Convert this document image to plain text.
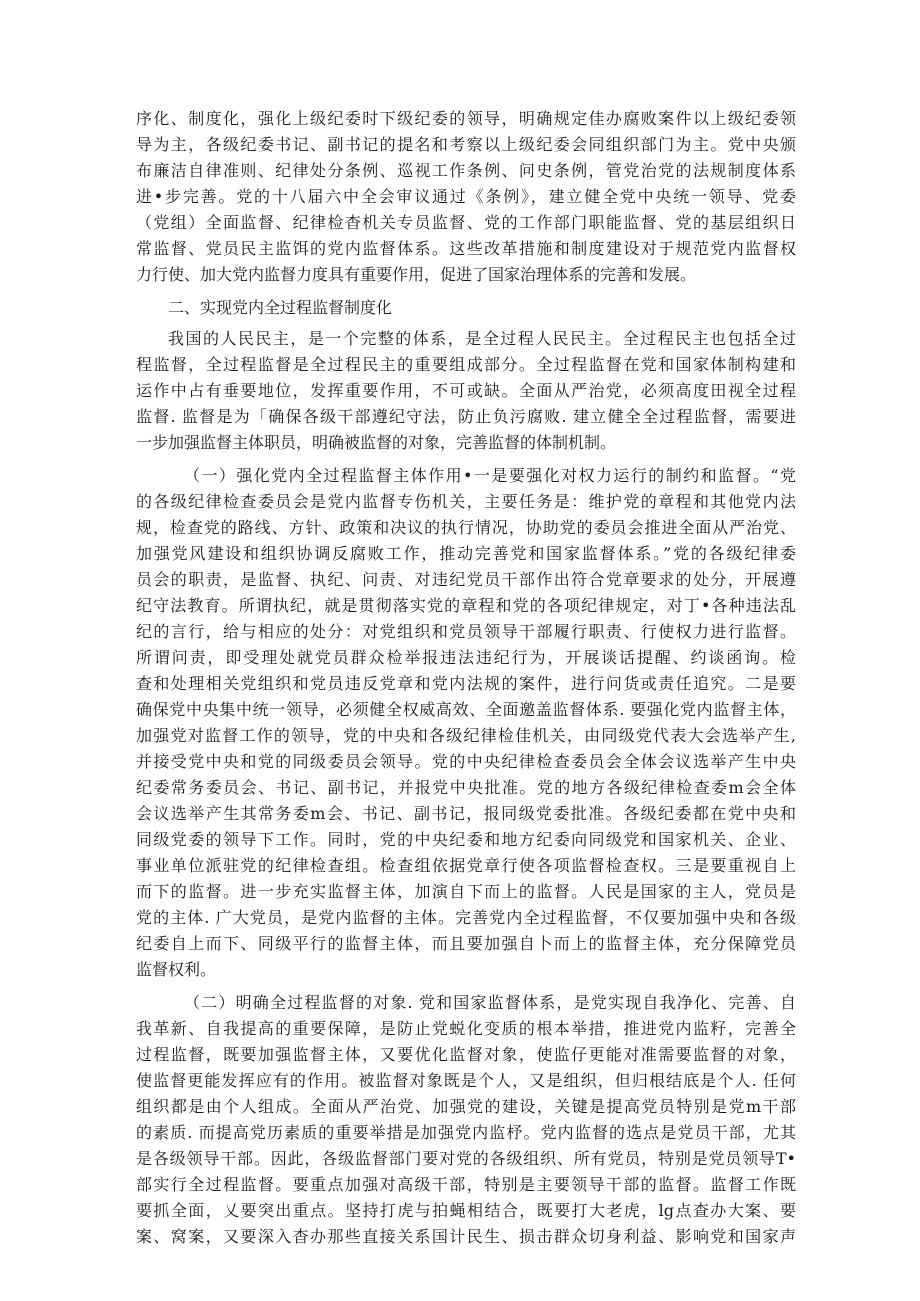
序化、制度化，强化上级纪委时下级纪委的领导，明确规定佳办腐败案件以上级纪委领
导为主，各级纪委书记、副书记的提名和考察以上级纪委会同组织部门为主。党中央颁
布廉洁自律准则、纪律处分条例、巡视工作条例、问史条例，管党治党的法规制度体系
进•步完善。党的十八届六中全会审议通过《条例》，建立健全党中央统一领导、党委
（党组）全面监督、纪律检杳机关专员监督、党的工作部门职能监督、党的基层组织日
常监督、党员民主监饵的党内监督体系。这些改革措施和制度建设对于规范党内监督权
力行使、加大党内监督力度具有重要作用，促进了国家治理体系的完善和发展。
二、实现党内全过程监督制度化
我国的人民民主，是一个完整的体系，是全过程人民民主。全过程民主也包括全过
程监督，全过程监督是全过程民主的重要组成部分。全过程监督在党和国家体制构建和
运作中占有垂要地位，发挥重要作用，不可或缺。全面从严治党，必须高度田视全过程
监督. 监督是为「确保各级干部遵纪守法，防止负污腐败. 建立健全全过程监督，需要进
一步加强监督主体职员，明确被监督的对象，完善监督的体制机制。
（一）强化党内全过程监督主体作用•一是要强化对权力运行的制约和监督。“党
的各级纪律检查委员会是党内监督专伤机关，主要任务是：维护党的章程和其他党内法
规，检查党的路线、方针、政策和决议的执行情况，协助党的委员会推进全面从严治党、
加强党风建设和组织协调反腐败工作，推动完善党和国家监督体系。”党的各级纪律委
员会的职责，是监督、执纪、问责、对违纪党员干部作出符合党章要求的处分，开展遵
纪守法教育。所谓执纪，就是贯彻落实党的章程和党的各项纪律规定，对丁•各种违法乱
纪的言行，给与相应的处分：对党组织和党员领导干部履行职责、行使权力进行监督。
所谓问责，即受理处就党员群众检举报违法违纪行为，开展谈话提醒、约谈函询。检
查和处理相关党组织和党员违反党章和党内法规的案件，进行问货或责任追究。二是要
确保党中央集中统一领导，必须健全权威高效、全面邀盖监督体系. 要强化党内监督主体，
加强党对监督工作的领导，党的中央和各级纪律检佳机关，由同级党代表大会选举产生,
并接受党中央和党的同级委员会领导。党的中央纪律检查委员会全体会议选举产生中央
纪委常务委员会、书记、副书记，并报党中央批准。党的地方各级纪律检查委m会全体
会议选举产生其常务委m会、书记、副书记，报同级党委批准。各级纪委都在党中央和
同级党委的领导下工作。同时，党的中央纪委和地方纪委向同级党和国家机关、企业、
事业单位派驻党的纪律检查组。检查组依据党章行使各项监督检查权。三是要重视自上
而下的监督。进一步充实监督主体，加演自下而上的监督。人民是国家的主人，党员是
党的主体. 广大党员，是党内监督的主体。完善党内全过程监督，不仅要加强中央和各级
纪委自上而下、同级平行的监督主体，而且要加强自卜而上的监督主体，充分保障党员
监督权利。
（二）明确全过程监督的对象. 党和国家监督体系，是党实现自我净化、完善、自
我革新、自我提高的重要保障，是防止党蜕化变质的根本举措，推进党内监籽，完善全
过程监督，既要加强监督主体，又要优化监督对象，使监仔更能对准需要监督的对象，
使监督更能发挥应有的作用。被监督对象既是个人，又是组织，但归根结底是个人. 任何
组织都是由个人组成。全面从严治党、加强党的建设，关键是提高党员特别是党m干部
的素质. 而提高党历素质的重要举措是加强党内监杼。党内监督的选点是党员干部，尤其
是各级领导干部。因此，各级监督部门要对党的各级组织、所有党员，特别是党员领导T•
部实行全过程监督。要重点加强对高级干部，特别是主要领导干部的监督。监督工作既
要抓全面，乂要突出重点。坚持打虎与拍蝇相结合，既要打大老虎，lg点查办大案、要
案、窝案，又要深入杳办那些直接关系国计民生、损击群众切身利益、影响党和国家声
